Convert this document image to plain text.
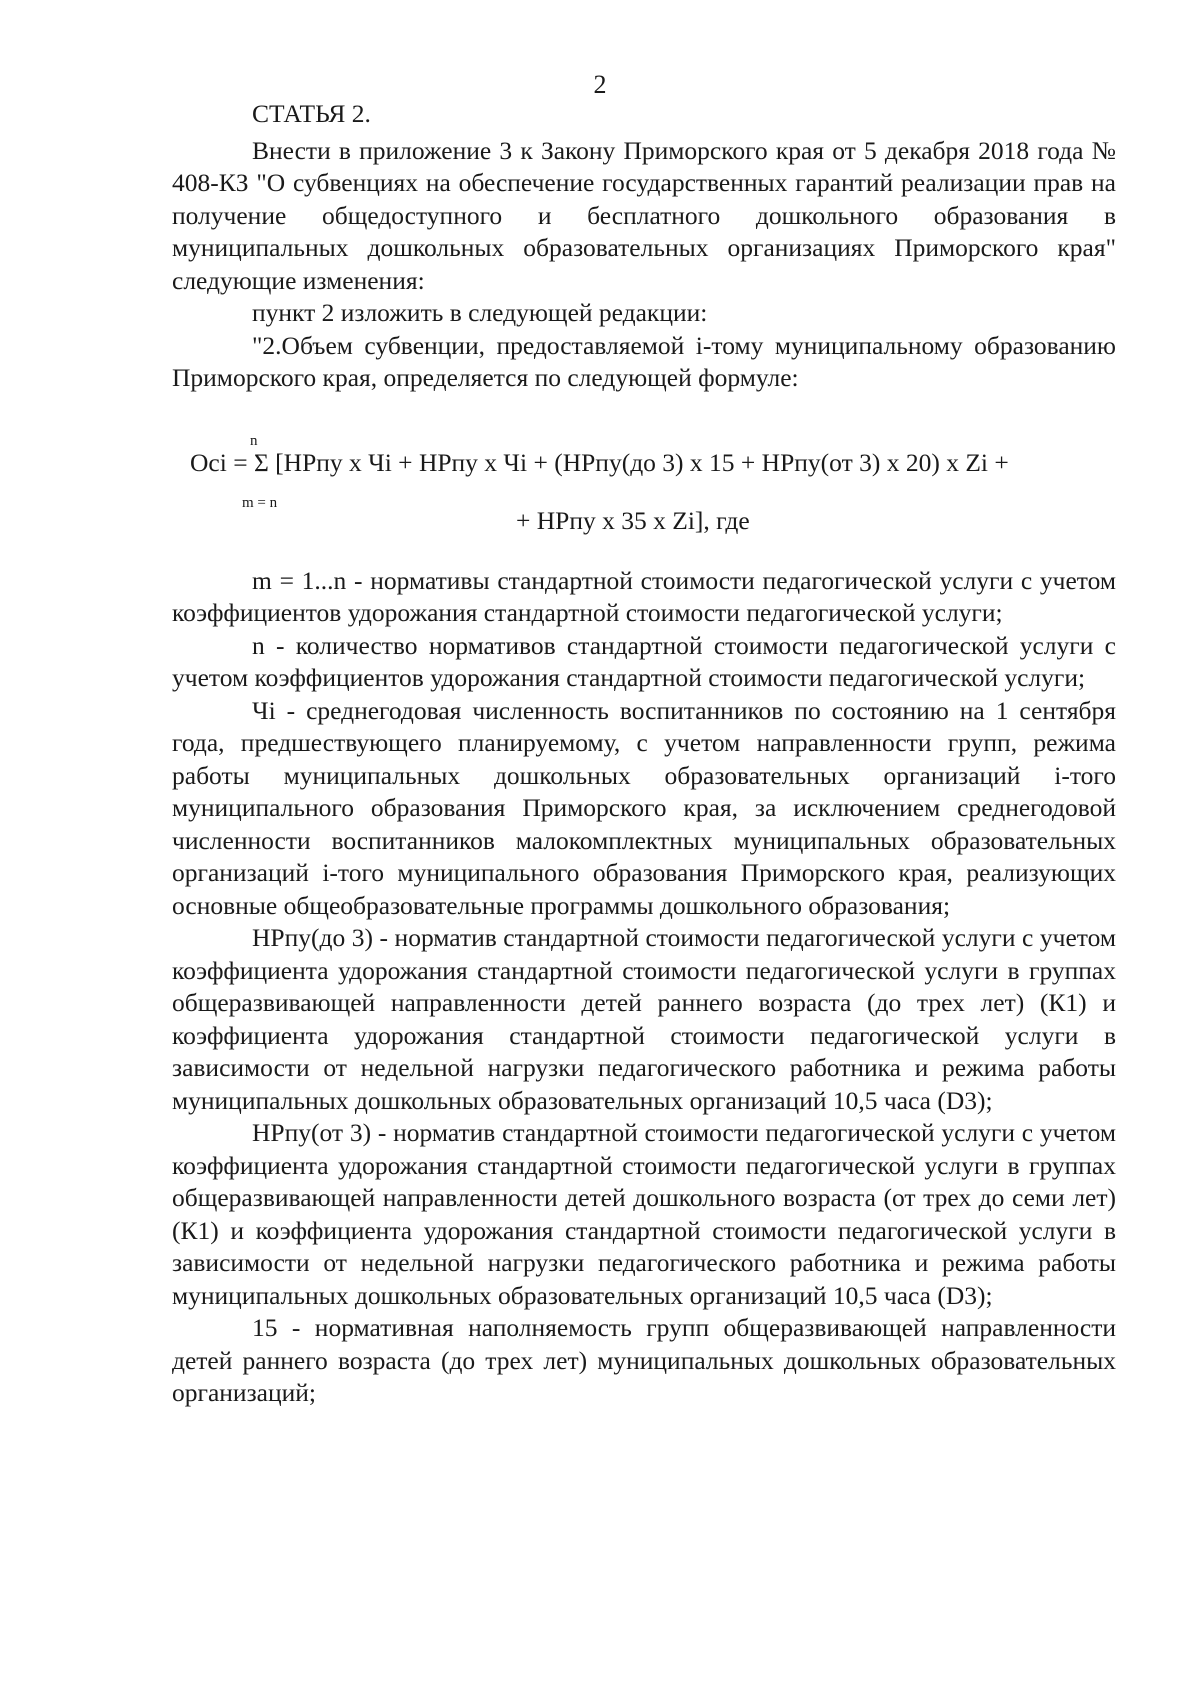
2
СТАТЬЯ 2.

Внести в приложение 3 к Закону Приморского края от 5 декабря 2018 года № 408-КЗ "О субвенциях на обеспечение государственных гарантий реализации прав на получение общедоступного и бесплатного дошкольного образования в муниципальных дошкольных образовательных организациях Приморского края" следующие изменения:

пункт 2 изложить в следующей редакции:

"2.Объем субвенции, предоставляемой i-тому муниципальному образованию Приморского края, определяется по следующей формуле:

n
Oci = Σ [НРпу x Чi + НРпу x Чi + (НРпу(до 3) x 15 + НРпу(от 3) x 20) x Zi +
m = n
+ НРпу x 35 x Zi], где

m = 1...n - нормативы стандартной стоимости педагогической услуги с учетом коэффициентов удорожания стандартной стоимости педагогической услуги;

n - количество нормативов стандартной стоимости педагогической услуги с учетом коэффициентов удорожания стандартной стоимости педагогической услуги;

Чi - среднегодовая численность воспитанников по состоянию на 1 сентября года, предшествующего планируемому, с учетом направленности групп, режима работы муниципальных дошкольных образовательных организаций i-того муниципального образования Приморского края, за исключением среднегодовой численности воспитанников малокомплектных муниципальных образовательных организаций i-того муниципального образования Приморского края, реализующих основные общеобразовательные программы дошкольного образования;

НРпу(до 3) - норматив стандартной стоимости педагогической услуги с учетом коэффициента удорожания стандартной стоимости педагогической услуги в группах общеразвивающей направленности детей раннего возраста (до трех лет) (К1) и коэффициента удорожания стандартной стоимости педагогической услуги в зависимости от недельной нагрузки педагогического работника и режима работы муниципальных дошкольных образовательных организаций 10,5 часа (D3);

НРпу(от 3) - норматив стандартной стоимости педагогической услуги с учетом коэффициента удорожания стандартной стоимости педагогической услуги в группах общеразвивающей направленности детей дошкольного возраста (от трех до семи лет) (К1) и коэффициента удорожания стандартной стоимости педагогической услуги в зависимости от недельной нагрузки педагогического работника и режима работы муниципальных дошкольных образовательных организаций 10,5 часа (D3);

15 - нормативная наполняемость групп общеразвивающей направленности детей раннего возраста (до трех лет) муниципальных дошкольных образовательных организаций;
